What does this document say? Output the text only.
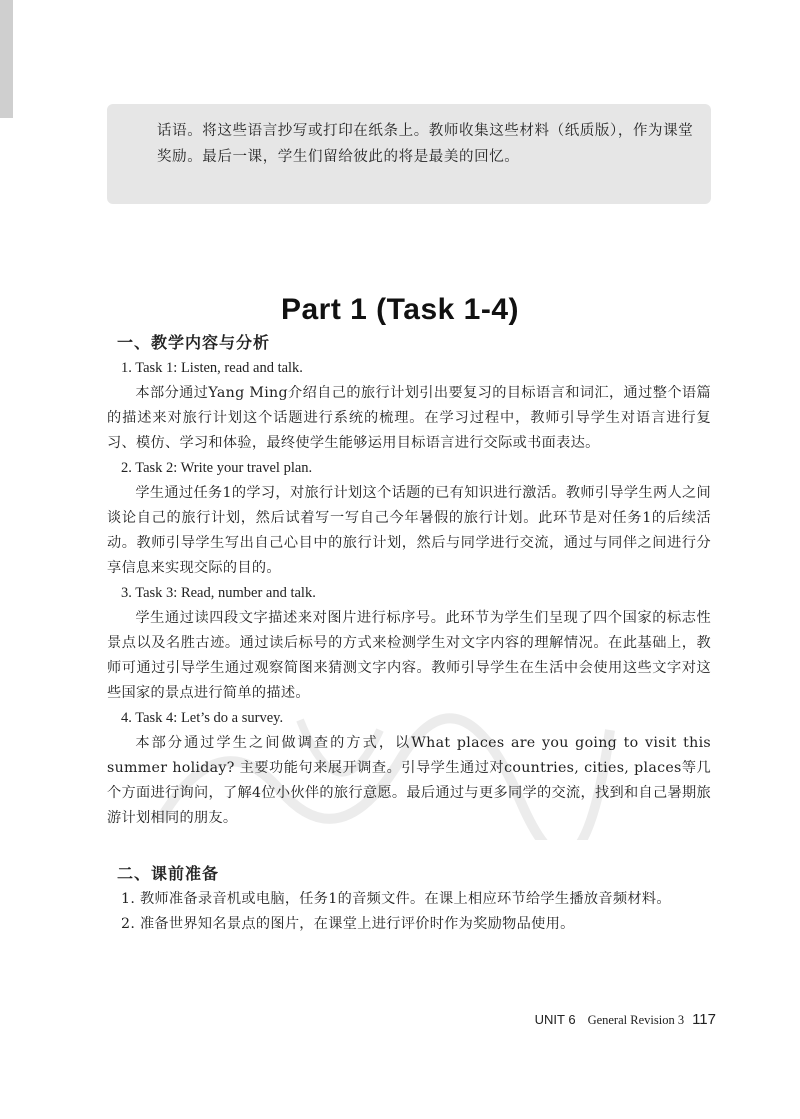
话语。将这些语言抄写或打印在纸条上。教师收集这些材料（纸质版），作为课堂奖励。最后一课，学生们留给彼此的将是最美的回忆。

Part 1 (Task 1-4)
一、教学内容与分析

1. Task 1: Listen, read and talk.

本部分通过Yang Ming介绍自己的旅行计划引出要复习的目标语言和词汇，通过整个语篇的描述来对旅行计划这个话题进行系统的梳理。在学习过程中，教师引导学生对语言进行复习、模仿、学习和体验，最终使学生能够运用目标语言进行交际或书面表达。

2. Task 2: Write your travel plan.

学生通过任务1的学习，对旅行计划这个话题的已有知识进行激活。教师引导学生两人之间谈论自己的旅行计划，然后试着写一写自己今年暑假的旅行计划。此环节是对任务1的后续活动。教师引导学生写出自己心目中的旅行计划，然后与同学进行交流，通过与同伴之间进行分享信息来实现交际的目的。

3. Task 3: Read, number and talk.

学生通过读四段文字描述来对图片进行标序号。此环节为学生们呈现了四个国家的标志性景点以及名胜古迹。通过读后标号的方式来检测学生对文字内容的理解情况。在此基础上，教师可通过引导学生通过观察简图来猜测文字内容。教师引导学生在生活中会使用这些文字对这些国家的景点进行简单的描述。

4. Task 4: Let’s do a survey.

本部分通过学生之间做调查的方式，以What places are you going to visit this summer holiday? 主要功能句来展开调查。引导学生通过对countries, cities, places等几个方面进行询问，了解4位小伙伴的旅行意愿。最后通过与更多同学的交流，找到和自己暑期旅游计划相同的朋友。

二、课前准备

1. 教师准备录音机或电脑，任务1的音频文件。在课上相应环节给学生播放音频材料。

2. 准备世界知名景点的图片，在课堂上进行评价时作为奖励物品使用。

UNIT 6 General Revision 3 117
